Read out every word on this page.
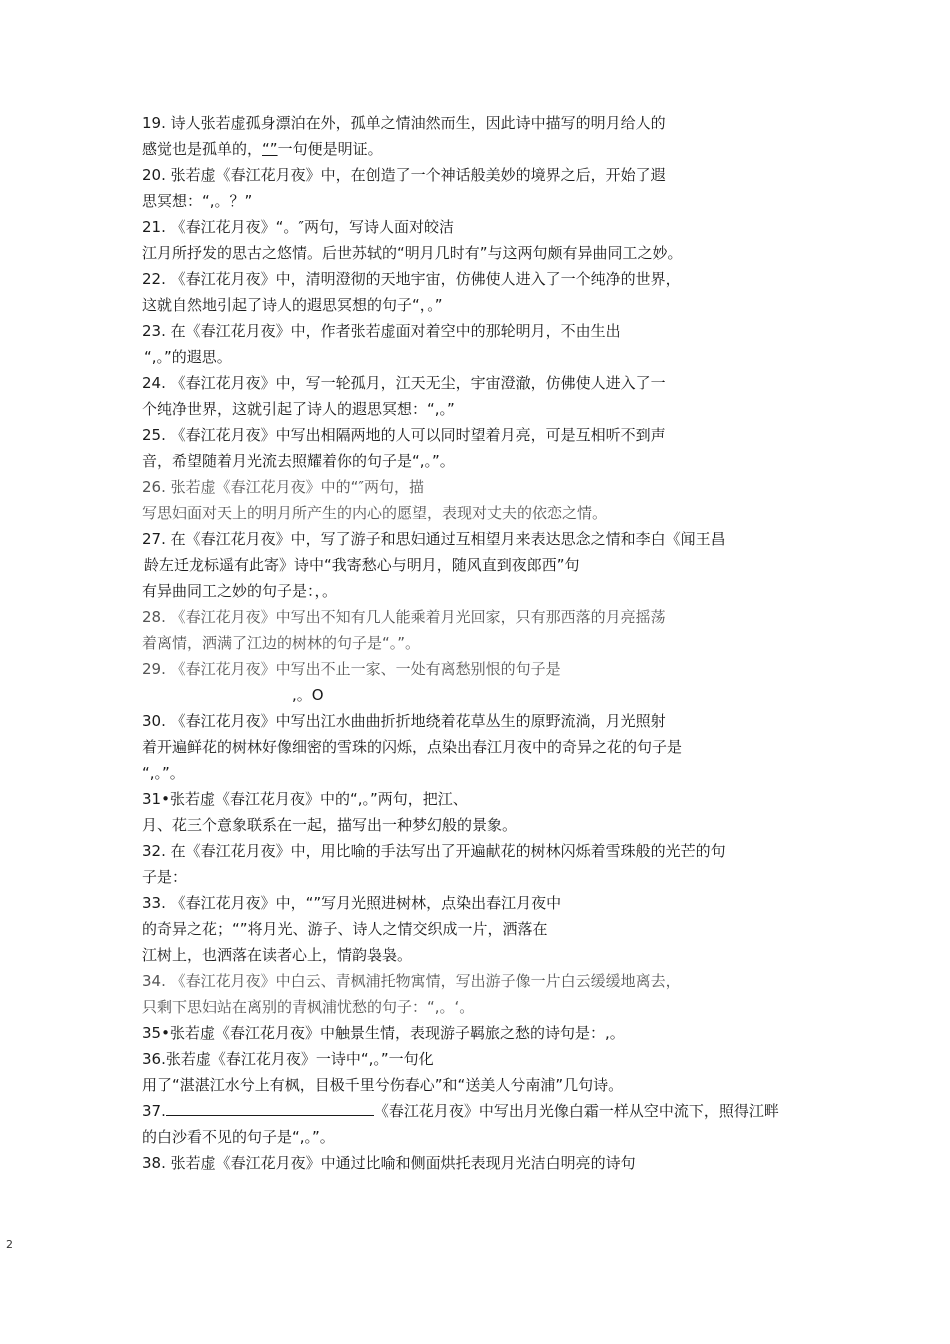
19. 诗人张若虚孤身漂泊在外，孤单之情油然而生，因此诗中描写的明月给人的
感觉也是孤单的，“”一句便是明证。
20. 张若虚《春江花月夜》中，在创造了一个神话般美妙的境界之后，开始了遐
思冥想：“,。？”
21. 《春江花月夜》“。″两句，写诗人面对皎洁
江月所抒发的思古之悠情。后世苏轼的“明月几时有”与这两句颇有异曲同工之妙。
22. 《春江花月夜》中，清明澄彻的天地宇宙，仿佛使人进入了一个纯净的世界，
这就自然地引起了诗人的遐思冥想的句子“，。”
23. 在《春江花月夜》中，作者张若虚面对着空中的那轮明月，不由生出
“,。”的遐思。
24. 《春江花月夜》中，写一轮孤月，江天无尘，宇宙澄澈，仿佛使人进入了一
个纯净世界，这就引起了诗人的遐思冥想：“,。”
25. 《春江花月夜》中写出相隔两地的人可以同时望着月亮，可是互相听不到声
音，希望随着月光流去照耀着你的句子是“,。”。
26. 张若虚《春江花月夜》中的“″两句，描
写思妇面对天上的明月所产生的内心的愿望，表现对丈夫的依恋之情。
27. 在《春江花月夜》中，写了游子和思妇通过互相望月来表达思念之情和李白《闻王昌
龄左迁龙标遥有此寄》诗中“我寄愁心与明月，随风直到夜郎西”句
有异曲同工之妙的句子是：，。
28. 《春江花月夜》中写出不知有几人能乘着月光回家，只有那西落的月亮摇荡
着离情，洒满了江边的树林的句子是“。”。
29. 《春江花月夜》中写出不止一家、一处有离愁别恨的句子是
,。O
30. 《春江花月夜》中写出江水曲曲折折地绕着花草丛生的原野流淌，月光照射
着开遍鲜花的树林好像细密的雪珠的闪烁，点染出春江月夜中的奇异之花的句子是
“,。”。
31•张若虚《春江花月夜》中的“,。”两句，把江、
月、花三个意象联系在一起，描写出一种梦幻般的景象。
32. 在《春江花月夜》中，用比喻的手法写出了开遍献花的树林闪烁着雪珠般的光芒的句
子是：
33. 《春江花月夜》中，“”写月光照进树林，点染出春江月夜中
的奇异之花；“”将月光、游子、诗人之情交织成一片，洒落在
江树上，也洒落在读者心上，情韵袅袅。
34. 《春江花月夜》中白云、青枫浦托物寓情，写出游子像一片白云缓缓地离去，
只剩下思妇站在离别的青枫浦忧愁的句子：“,。‘。
35•张若虚《春江花月夜》中触景生情，表现游子羁旅之愁的诗句是：,。
36.张若虚《春江花月夜》一诗中“,。”一句化
用了“湛湛江水兮上有枫，目极千里兮伤春心”和“送美人兮南浦”几句诗。
37.	《春江花月夜》中写出月光像白霜一样从空中流下，照得江畔
的白沙看不见的句子是“,。”。
38. 张若虚《春江花月夜》中通过比喻和侧面烘托表现月光洁白明亮的诗句
2
